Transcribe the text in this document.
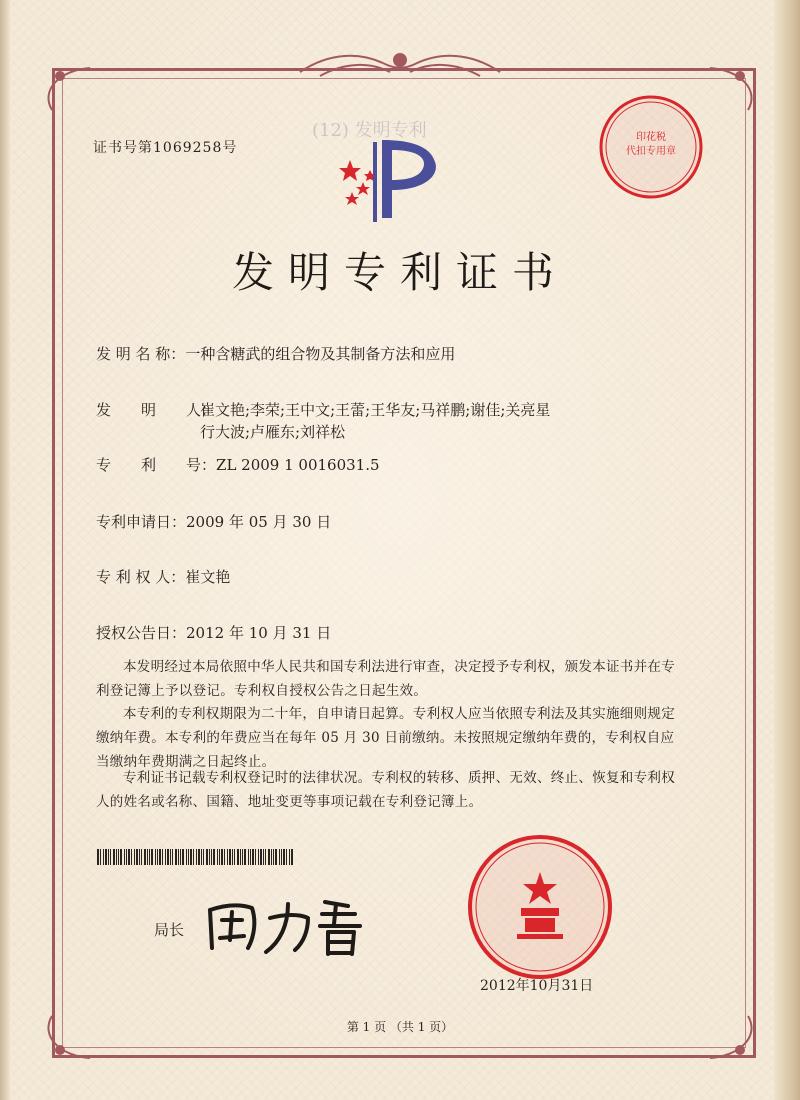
(12) 发明专利
证书号第1069258号
发明专利证书
发 明 名 称：一种含糖武的组合物及其制备方法和应用
发　　明　　人：
崔文艳;李荣;王中文;王蕾;王华友;马祥鹏;谢佳;关亮星
行大波;卢雁东;刘祥松
专　　利　　号：ZL 2009 1 0016031.5
专利申请日：2009 年 05 月 30 日
专 利 权 人：崔文艳
授权公告日：2012 年 10 月 31 日

本发明经过本局依照中华人民共和国专利法进行审查，决定授予专利权，颁发本证书并在专利登记簿上予以登记。专利权自授权公告之日起生效。

本专利的专利权期限为二十年，自申请日起算。专利权人应当依照专利法及其实施细则规定缴纳年费。本专利的年费应当在每年 05 月 30 日前缴纳。未按照规定缴纳年费的，专利权自应当缴纳年费期满之日起终止。

专利证书记载专利权登记时的法律状况。专利权的转移、质押、无效、终止、恢复和专利权人的姓名或名称、国籍、地址变更等事项记载在专利登记簿上。

局长
印花税
代扣专用章
2012年10月31日
第 1 页 （共 1 页）
